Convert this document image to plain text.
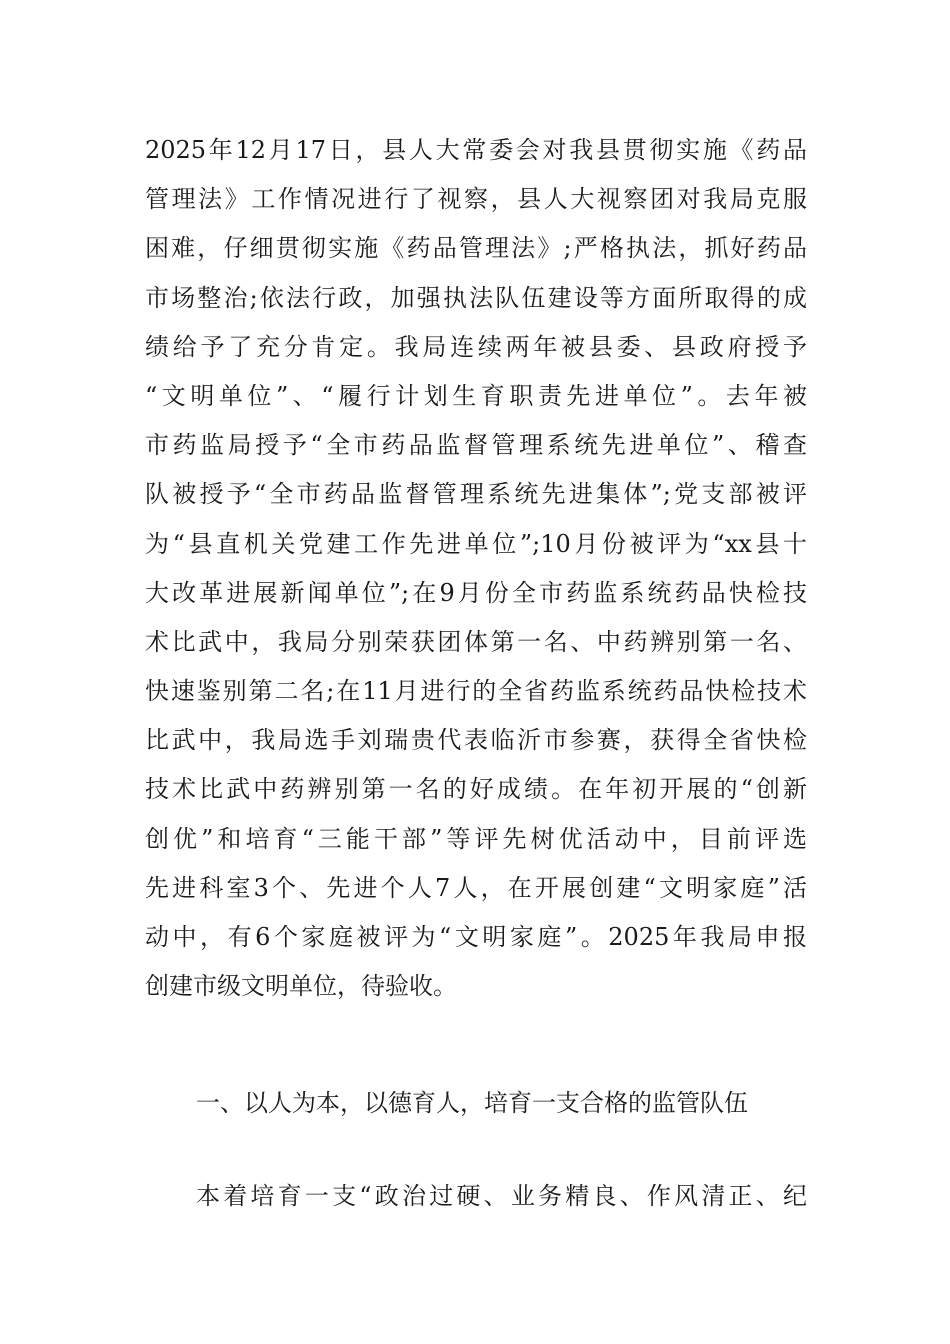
2025年12月17日，县人大常委会对我县贯彻实施《药品
管理法》工作情况进行了视察，县人大视察团对我局克服
困难，仔细贯彻实施《药品管理法》;严格执法，抓好药品
市场整治;依法行政，加强执法队伍建设等方面所取得的成
绩给予了充分肯定。我局连续两年被县委、县政府授予
“文明单位”、“履行计划生育职责先进单位”。去年被
市药监局授予“全市药品监督管理系统先进单位”、稽查
队被授予“全市药品监督管理系统先进集体”;党支部被评
为“县直机关党建工作先进单位”;10月份被评为“xx县十
大改革进展新闻单位”;在9月份全市药监系统药品快检技
术比武中，我局分别荣获团体第一名、中药辨别第一名、
快速鉴别第二名;在11月进行的全省药监系统药品快检技术
比武中，我局选手刘瑞贵代表临沂市参赛，获得全省快检
技术比武中药辨别第一名的好成绩。在年初开展的“创新
创优”和培育“三能干部”等评先树优活动中，目前评选
先进科室3个、先进个人7人，在开展创建“文明家庭”活
动中，有6个家庭被评为“文明家庭”。2025年我局申报
创建市级文明单位，待验收。
一、以人为本，以德育人，培育一支合格的监管队伍
本着培育一支“政治过硬、业务精良、作风清正、纪
